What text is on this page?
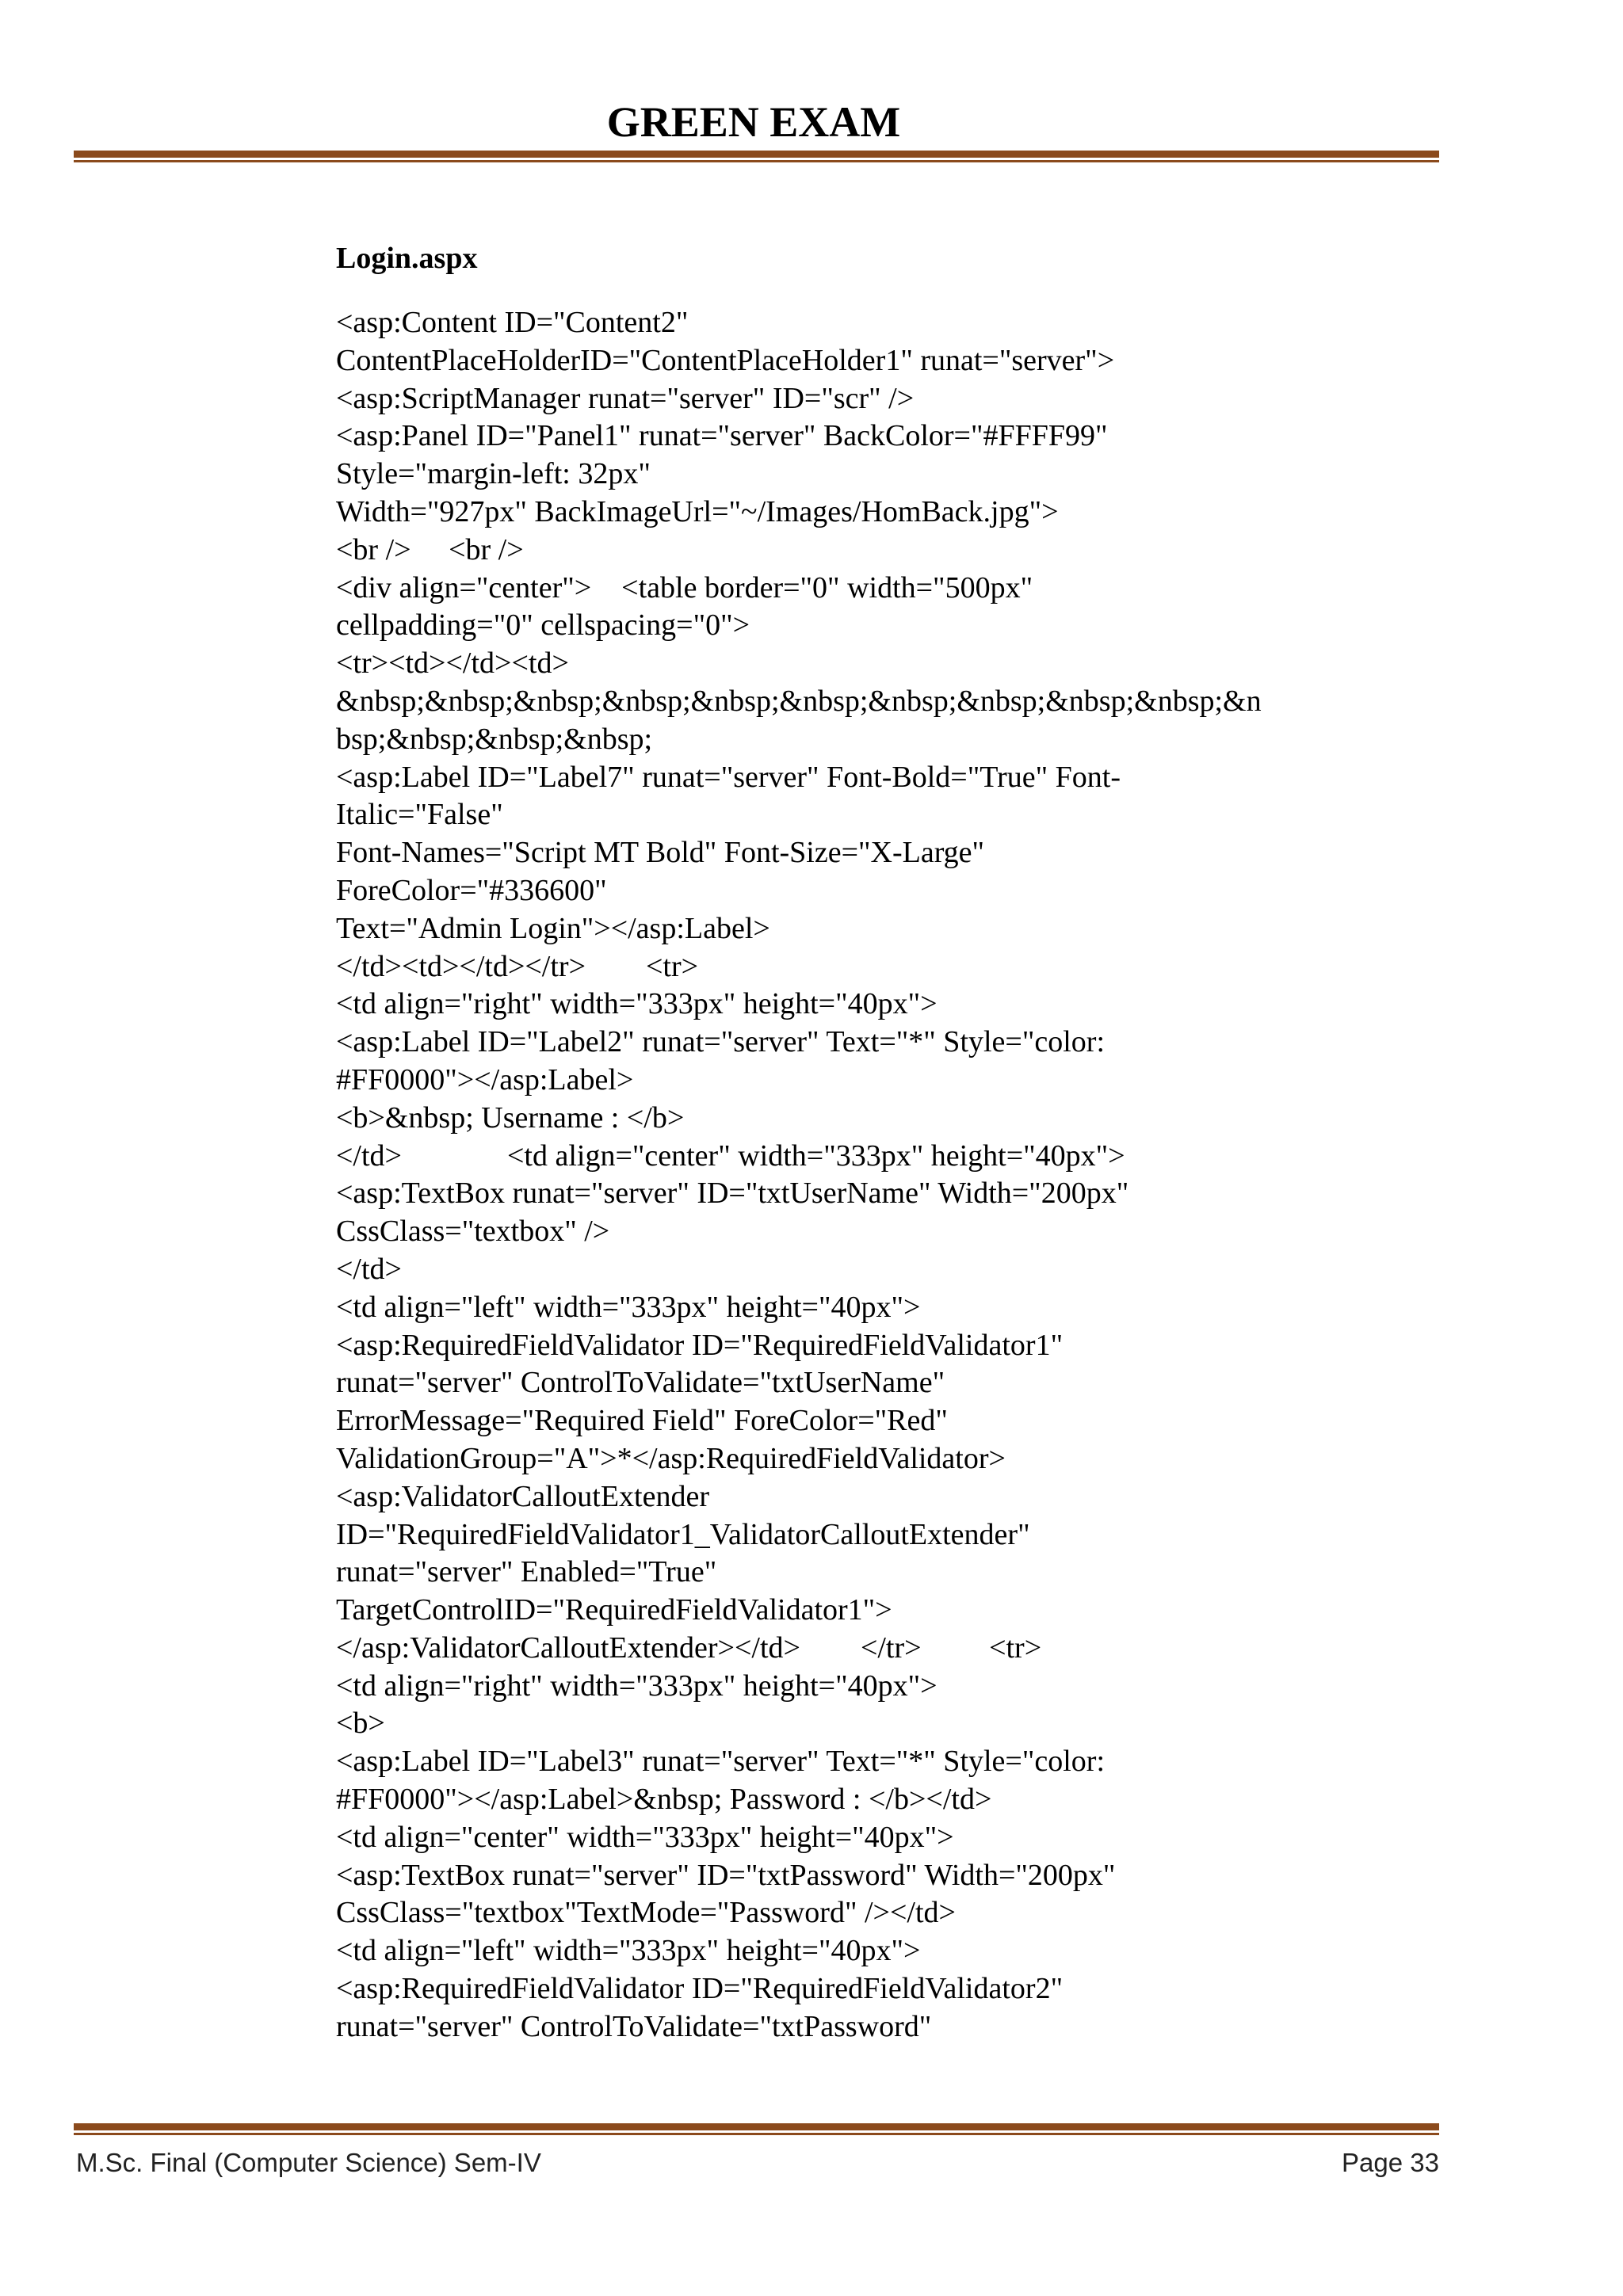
GREEN EXAM
Login.aspx
<asp:Content ID="Content2"
ContentPlaceHolderID="ContentPlaceHolder1" runat="server">
<asp:ScriptManager runat="server" ID="scr" />
<asp:Panel ID="Panel1" runat="server" BackColor="#FFFF99"
Style="margin-left: 32px"
Width="927px" BackImageUrl="~/Images/HomBack.jpg">
<br />     <br />
<div align="center">    <table border="0" width="500px"
cellpadding="0" cellspacing="0">
<tr><td></td><td>
&nbsp;&nbsp;&nbsp;&nbsp;&nbsp;&nbsp;&nbsp;&nbsp;&nbsp;&nbsp;&n
bsp;&nbsp;&nbsp;&nbsp;
<asp:Label ID="Label7" runat="server" Font-Bold="True" Font-
Italic="False"
Font-Names="Script MT Bold" Font-Size="X-Large"
ForeColor="#336600"
Text="Admin Login"></asp:Label>
</td><td></td></tr>        <tr>
<td align="right" width="333px" height="40px">
<asp:Label ID="Label2" runat="server" Text="*" Style="color:
#FF0000"></asp:Label>
<b>&nbsp; Username : </b>
</td>              <td align="center" width="333px" height="40px">
<asp:TextBox runat="server" ID="txtUserName" Width="200px"
CssClass="textbox" />
</td>
<td align="left" width="333px" height="40px">
<asp:RequiredFieldValidator ID="RequiredFieldValidator1"
runat="server" ControlToValidate="txtUserName"
ErrorMessage="Required Field" ForeColor="Red"
ValidationGroup="A">*</asp:RequiredFieldValidator>
<asp:ValidatorCalloutExtender
ID="RequiredFieldValidator1_ValidatorCalloutExtender"
runat="server" Enabled="True"
TargetControlID="RequiredFieldValidator1">
</asp:ValidatorCalloutExtender></td>        </tr>         <tr>
<td align="right" width="333px" height="40px">
<b>
<asp:Label ID="Label3" runat="server" Text="*" Style="color:
#FF0000"></asp:Label>&nbsp; Password : </b></td>
<td align="center" width="333px" height="40px">
<asp:TextBox runat="server" ID="txtPassword" Width="200px"
CssClass="textbox"TextMode="Password" /></td>
<td align="left" width="333px" height="40px">
<asp:RequiredFieldValidator ID="RequiredFieldValidator2"
runat="server" ControlToValidate="txtPassword"
M.Sc. Final (Computer Science) Sem-IV	Page 33
